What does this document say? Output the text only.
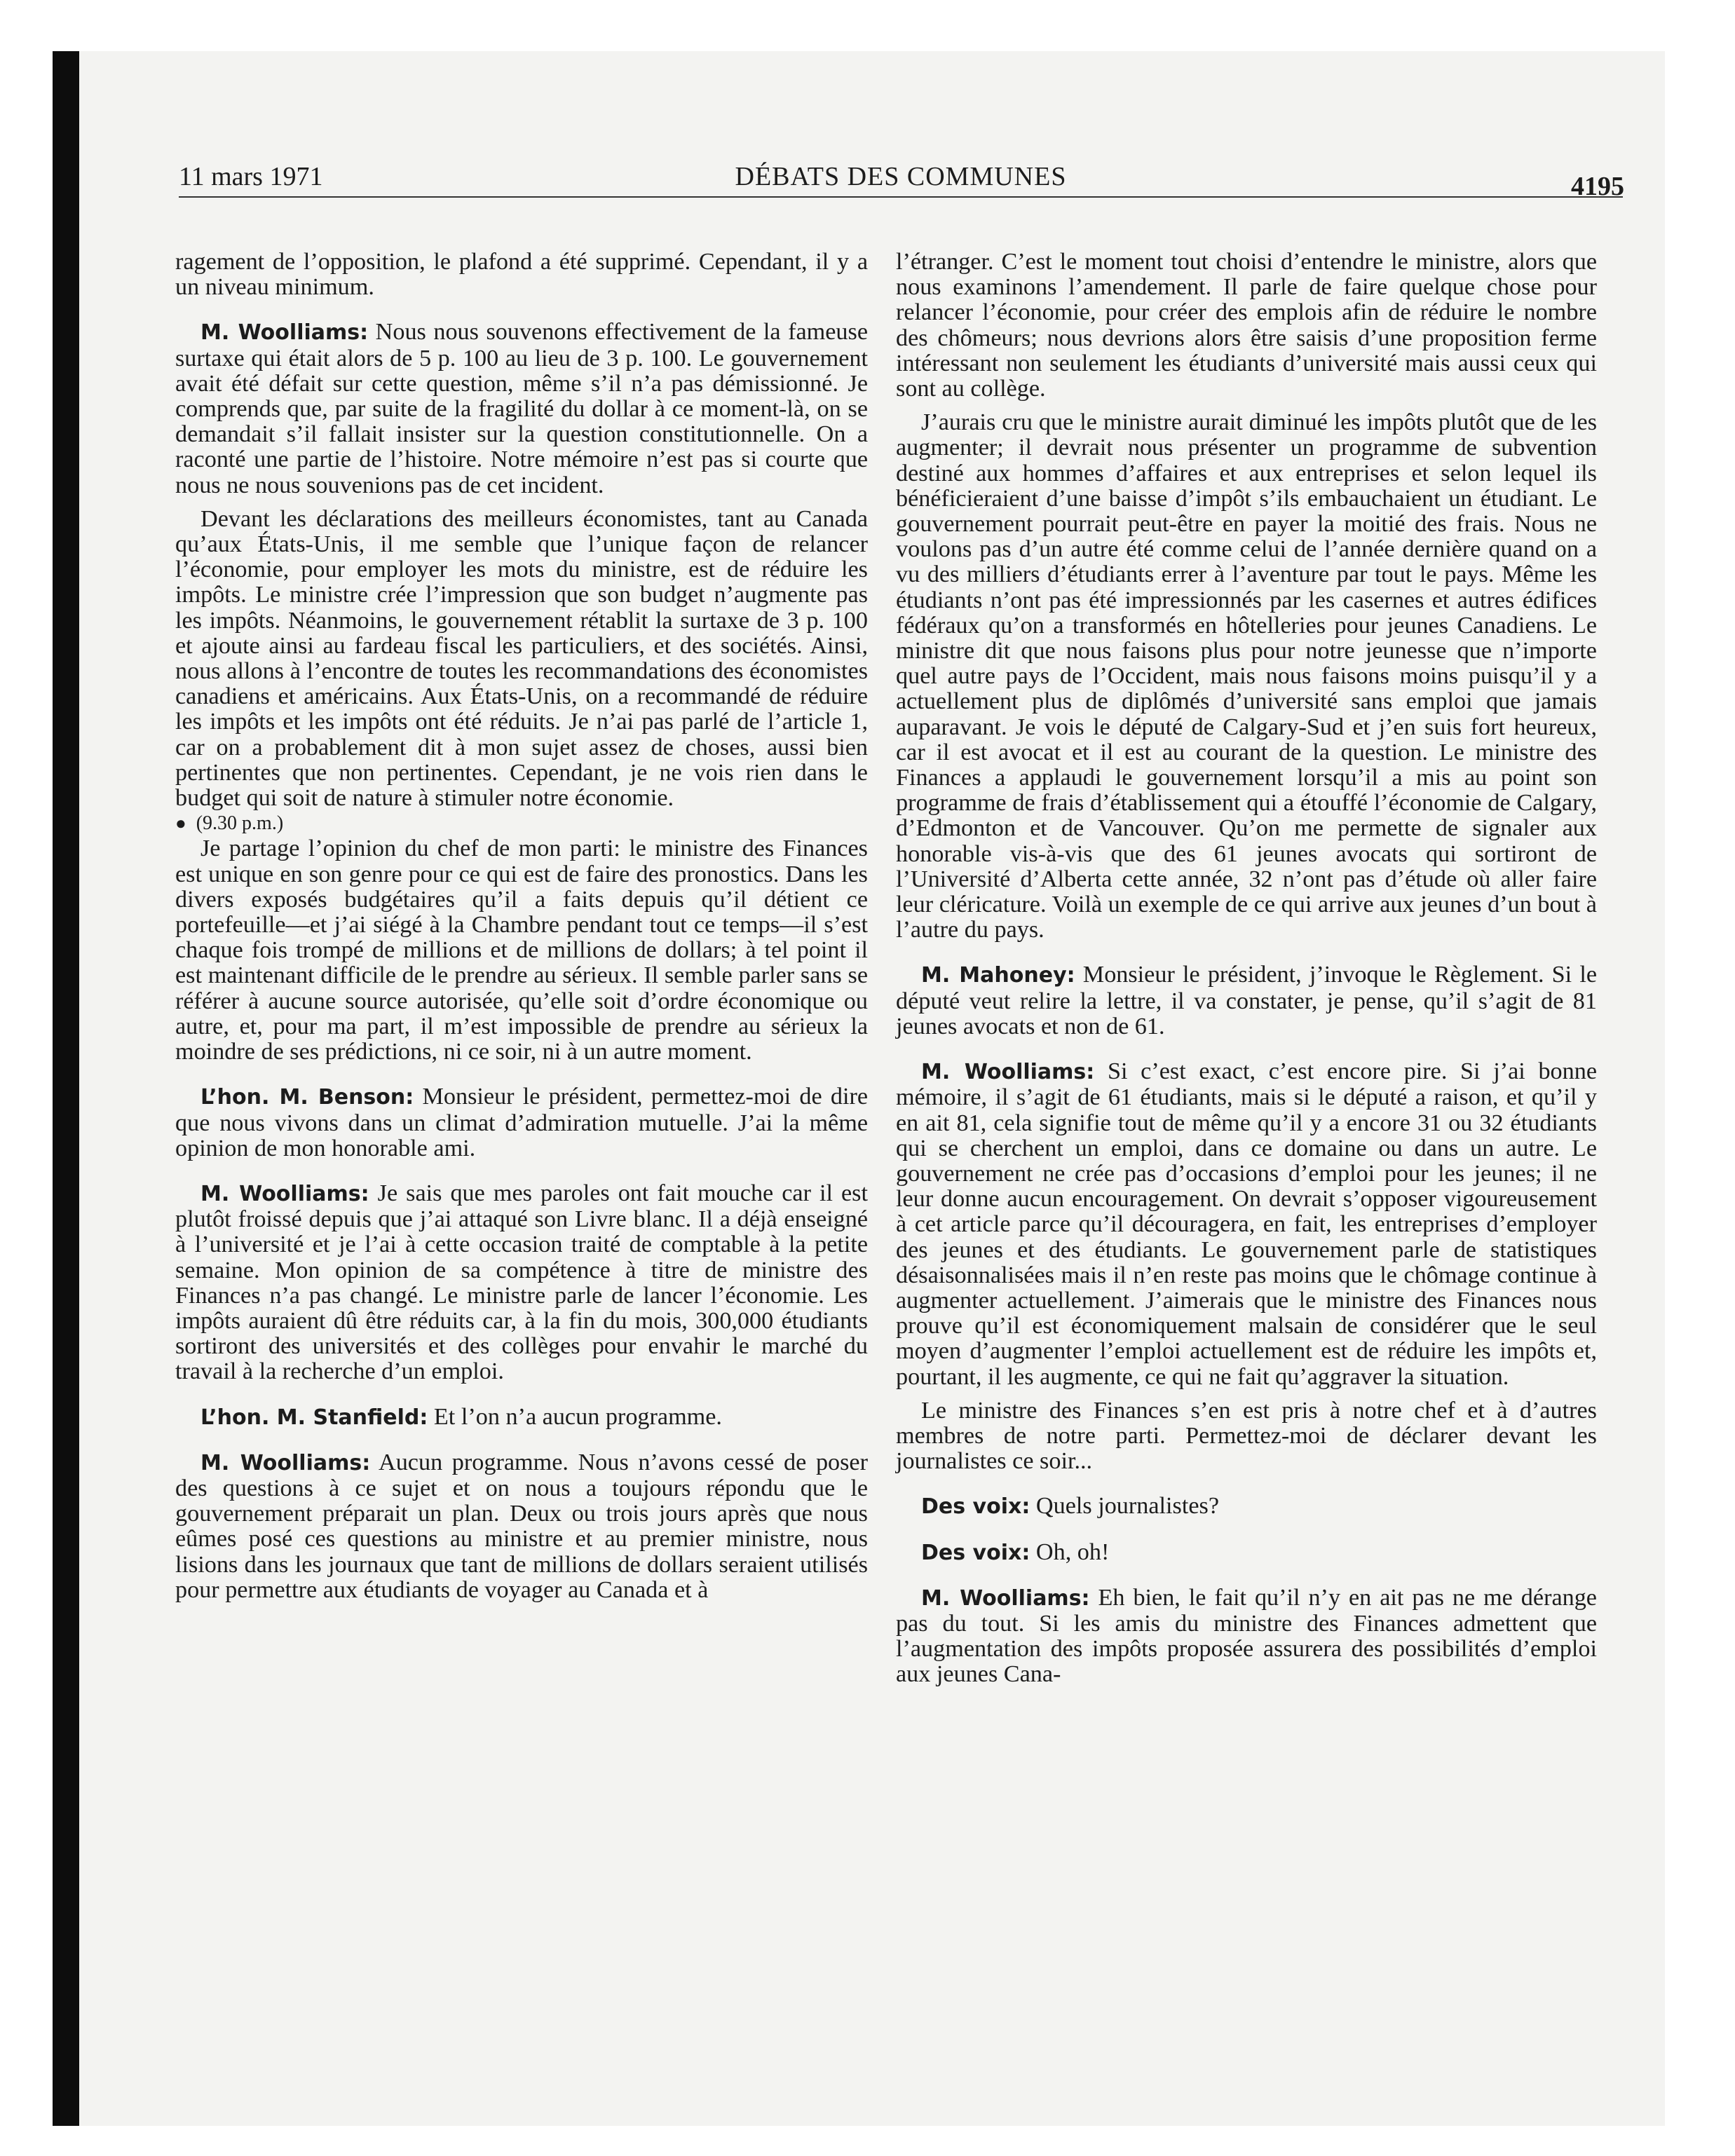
11 mars 1971	DÉBATS DES COMMUNES	4195

ragement de l’opposition, le plafond a été supprimé. Cependant, il y a un niveau minimum.

M. Woolliams: Nous nous souvenons effectivement de la fameuse surtaxe qui était alors de 5 p. 100 au lieu de 3 p. 100. Le gouvernement avait été défait sur cette question, même s’il n’a pas démissionné. Je comprends que, par suite de la fragilité du dollar à ce moment-là, on se demandait s’il fallait insister sur la question constitutionnelle. On a raconté une partie de l’histoire. Notre mémoire n’est pas si courte que nous ne nous souvenions pas de cet incident.

Devant les déclarations des meilleurs économistes, tant au Canada qu’aux États-Unis, il me semble que l’unique façon de relancer l’économie, pour employer les mots du ministre, est de réduire les impôts. Le ministre crée l’impression que son budget n’augmente pas les impôts. Néanmoins, le gouvernement rétablit la surtaxe de 3 p. 100 et ajoute ainsi au fardeau fiscal les particuliers, et des sociétés. Ainsi, nous allons à l’encontre de toutes les recommandations des économistes canadiens et américains. Aux États-Unis, on a recommandé de réduire les impôts et les impôts ont été réduits. Je n’ai pas parlé de l’article 1, car on a probablement dit à mon sujet assez de choses, aussi bien pertinentes que non pertinentes. Cependant, je ne vois rien dans le budget qui soit de nature à stimuler notre économie.

● (9.30 p.m.)

Je partage l’opinion du chef de mon parti: le ministre des Finances est unique en son genre pour ce qui est de faire des pronostics. Dans les divers exposés budgétaires qu’il a faits depuis qu’il détient ce portefeuille—et j’ai siégé à la Chambre pendant tout ce temps—il s’est chaque fois trompé de millions et de millions de dollars; à tel point il est maintenant difficile de le prendre au sérieux. Il semble parler sans se référer à aucune source autorisée, qu’elle soit d’ordre économique ou autre, et, pour ma part, il m’est impossible de prendre au sérieux la moindre de ses prédictions, ni ce soir, ni à un autre moment.

L’hon. M. Benson: Monsieur le président, permettez-moi de dire que nous vivons dans un climat d’admiration mutuelle. J’ai la même opinion de mon honorable ami.

M. Woolliams: Je sais que mes paroles ont fait mouche car il est plutôt froissé depuis que j’ai attaqué son Livre blanc. Il a déjà enseigné à l’université et je l’ai à cette occasion traité de comptable à la petite semaine. Mon opinion de sa compétence à titre de ministre des Finances n’a pas changé. Le ministre parle de lancer l’économie. Les impôts auraient dû être réduits car, à la fin du mois, 300,000 étudiants sortiront des universités et des collèges pour envahir le marché du travail à la recherche d’un emploi.

L’hon. M. Stanfield: Et l’on n’a aucun programme.

M. Woolliams: Aucun programme. Nous n’avons cessé de poser des questions à ce sujet et on nous a toujours répondu que le gouvernement préparait un plan. Deux ou trois jours après que nous eûmes posé ces questions au ministre et au premier ministre, nous lisions dans les journaux que tant de millions de dollars seraient utilisés pour permettre aux étudiants de voyager au Canada et à

l’étranger. C’est le moment tout choisi d’entendre le ministre, alors que nous examinons l’amendement. Il parle de faire quelque chose pour relancer l’économie, pour créer des emplois afin de réduire le nombre des chômeurs; nous devrions alors être saisis d’une proposition ferme intéressant non seulement les étudiants d’université mais aussi ceux qui sont au collège.

J’aurais cru que le ministre aurait diminué les impôts plutôt que de les augmenter; il devrait nous présenter un programme de subvention destiné aux hommes d’affaires et aux entreprises et selon lequel ils bénéficieraient d’une baisse d’impôt s’ils embauchaient un étudiant. Le gouvernement pourrait peut-être en payer la moitié des frais. Nous ne voulons pas d’un autre été comme celui de l’année dernière quand on a vu des milliers d’étudiants errer à l’aventure par tout le pays. Même les étudiants n’ont pas été impressionnés par les casernes et autres édifices fédéraux qu’on a transformés en hôtelleries pour jeunes Canadiens. Le ministre dit que nous faisons plus pour notre jeunesse que n’importe quel autre pays de l’Occident, mais nous faisons moins puisqu’il y a actuellement plus de diplômés d’université sans emploi que jamais auparavant. Je vois le député de Calgary-Sud et j’en suis fort heureux, car il est avocat et il est au courant de la question. Le ministre des Finances a applaudi le gouvernement lorsqu’il a mis au point son programme de frais d’établissement qui a étouffé l’économie de Calgary, d’Edmonton et de Vancouver. Qu’on me permette de signaler aux honorable vis-à-vis que des 61 jeunes avocats qui sortiront de l’Université d’Alberta cette année, 32 n’ont pas d’étude où aller faire leur cléricature. Voilà un exemple de ce qui arrive aux jeunes d’un bout à l’autre du pays.

M. Mahoney: Monsieur le président, j’invoque le Règlement. Si le député veut relire la lettre, il va constater, je pense, qu’il s’agit de 81 jeunes avocats et non de 61.

M. Woolliams: Si c’est exact, c’est encore pire. Si j’ai bonne mémoire, il s’agit de 61 étudiants, mais si le député a raison, et qu’il y en ait 81, cela signifie tout de même qu’il y a encore 31 ou 32 étudiants qui se cherchent un emploi, dans ce domaine ou dans un autre. Le gouvernement ne crée pas d’occasions d’emploi pour les jeunes; il ne leur donne aucun encouragement. On devrait s’opposer vigoureusement à cet article parce qu’il découragera, en fait, les entreprises d’employer des jeunes et des étudiants. Le gouvernement parle de statistiques désaisonnalisées mais il n’en reste pas moins que le chômage continue à augmenter actuellement. J’aimerais que le ministre des Finances nous prouve qu’il est économiquement malsain de considérer que le seul moyen d’augmenter l’emploi actuellement est de réduire les impôts et, pourtant, il les augmente, ce qui ne fait qu’aggraver la situation.

Le ministre des Finances s’en est pris à notre chef et à d’autres membres de notre parti. Permettez-moi de déclarer devant les journalistes ce soir...

Des voix: Quels journalistes?

Des voix: Oh, oh!

M. Woolliams: Eh bien, le fait qu’il n’y en ait pas ne me dérange pas du tout. Si les amis du ministre des Finances admettent que l’augmentation des impôts proposée assurera des possibilités d’emploi aux jeunes Cana-
